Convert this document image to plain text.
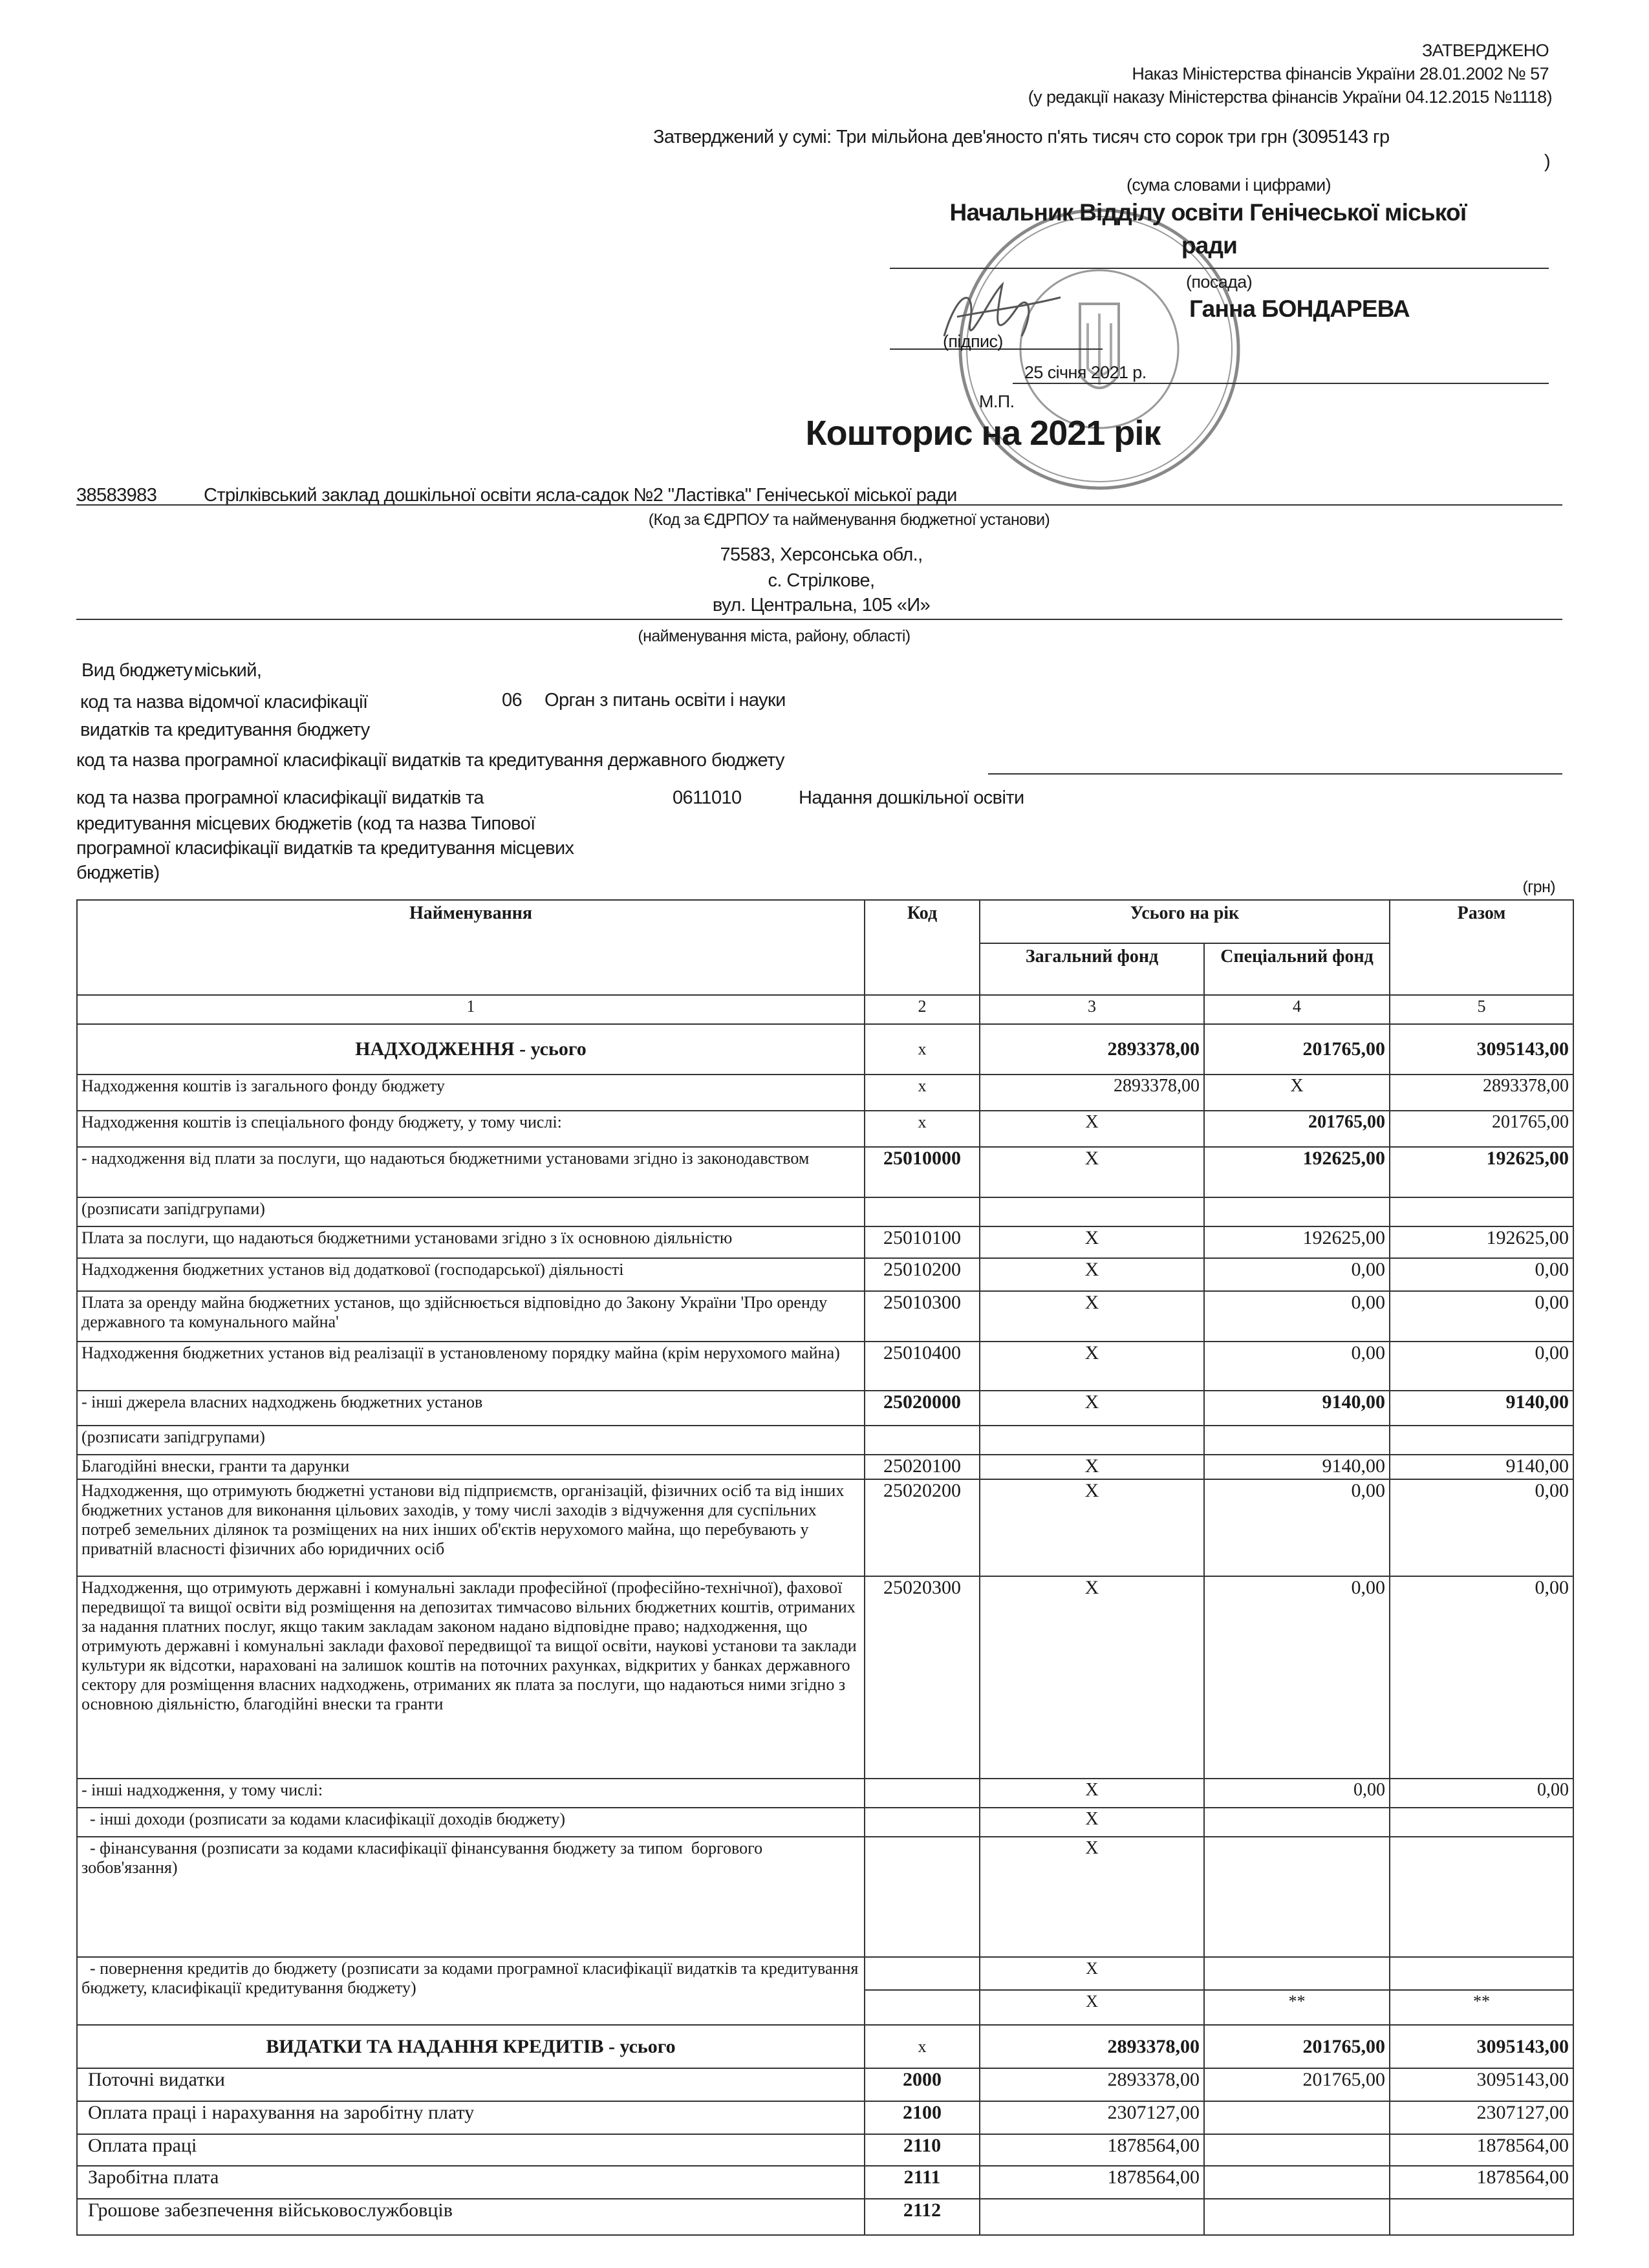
ЗАТВЕРДЖЕНО
Наказ Міністерства фінансів України 28.01.2002 № 57
(у редакції наказу Міністерства фінансів України 04.12.2015 №1118)
Затверджений у сумі: Три мільйона дев'яносто п'ять тисяч сто сорок три грн (3095143 гр
)
(сума словами і цифрами)
Начальник Відділу освіти Генічеської міської
ради
(посада)
Ганна БОНДАРЕВА
(підпис)
25 січня 2021 р.
М.П.
Кошторис на 2021 рік
38583983	Стрілківський заклад дошкільної освіти ясла-садок №2 "Ластівка" Генічеської міської ради
(Код за ЄДРПОУ та найменування бюджетної установи)
75583, Херсонська обл.,
с. Стрілкове,
вул. Центральна, 105 «И»
(найменування міста, району, області)
Вид бюджету міський,
код та назва відомчої класифікації
видатків та кредитування бюджету
06 Орган з питань освіти і науки
код та назва програмної класифікації видатків та кредитування державного бюджету
код та назва програмної класифікації видатків та
кредитування місцевих бюджетів (код та назва Типової
програмної класифікації видатків та кредитування місцевих
бюджетів)
0611010	Надання дошкільної освіти
(грн)
Найменування	Код	Усього на рік		Разом
		Загальний фонд	Спеціальний фонд	
1	2	3	4	5
НАДХОДЖЕННЯ - усього	x	2893378,00	201765,00	3095143,00
Надходження коштів із загального фонду бюджету	x	2893378,00	X	2893378,00
Надходження коштів із спеціального фонду бюджету, у тому числі:	x	X	201765,00	201765,00
- надходження від плати за послуги, що надаються бюджетними установами згідно із законодавством	25010000	X	192625,00	192625,00
(розписати запідгрупами)				
Плата за послуги, що надаються бюджетними установами згідно з їх основною діяльністю	25010100	X	192625,00	192625,00
Надходження бюджетних установ від додаткової (господарської) діяльності	25010200	X	0,00	0,00
Плата за оренду майна бюджетних установ, що здійснюється відповідно до Закону України 'Про оренду державного та комунального майна'	25010300	X	0,00	0,00
Надходження бюджетних установ від реалізації в установленому порядку майна (крім нерухомого майна)	25010400	X	0,00	0,00
- інші джерела власних надходжень бюджетних установ	25020000	X	9140,00	9140,00
(розписати запідгрупами)				
Благодійні внески, гранти та дарунки	25020100	X	9140,00	9140,00
Надходження, що отримують бюджетні установи від підприємств, організацій, фізичних осіб та від інших бюджетних установ для виконання цільових заходів, у тому числі заходів з відчуження для суспільних потреб земельних ділянок та розміщених на них інших об'єктів нерухомого майна, що перебувають у приватній власності фізичних або юридичних осіб	25020200	X	0,00	0,00
Надходження, що отримують державні і комунальні заклади професійної (професійно-технічної), фахової передвищої та вищої освіти від розміщення на депозитах тимчасово вільних бюджетних коштів, отриманих за надання платних послуг, якщо таким закладам законом надано відповідне право; надходження, що отримують державні і комунальні заклади фахової передвищої та вищої освіти, наукові установи та заклади культури як відсотки, нараховані на залишок коштів на поточних рахунках, відкритих у банках державного сектору для розміщення власних надходжень, отриманих як плата за послуги, що надаються ними згідно з основною діяльністю, благодійні внески та гранти	25020300	X	0,00	0,00
- інші надходження, у тому числі:		X	0,00	0,00
- інші доходи (розписати за кодами класифікації доходів бюджету)		X		
- фінансування (розписати за кодами класифікації фінансування бюджету за типом  боргового зобов'язання)		X		
- повернення кредитів до бюджету (розписати за кодами програмної класифікації видатків та кредитування бюджету, класифікації кредитування бюджету)		X		
		X	**	**
ВИДАТКИ ТА НАДАННЯ КРЕДИТІВ - усього	x	2893378,00	201765,00	3095143,00
Поточні видатки	2000	2893378,00	201765,00	3095143,00
Оплата праці і нарахування на заробітну плату	2100	2307127,00		2307127,00
Оплата праці	2110	1878564,00		1878564,00
Заробітна плата	2111	1878564,00		1878564,00
Грошове забезпечення військовослужбовців	2112			
